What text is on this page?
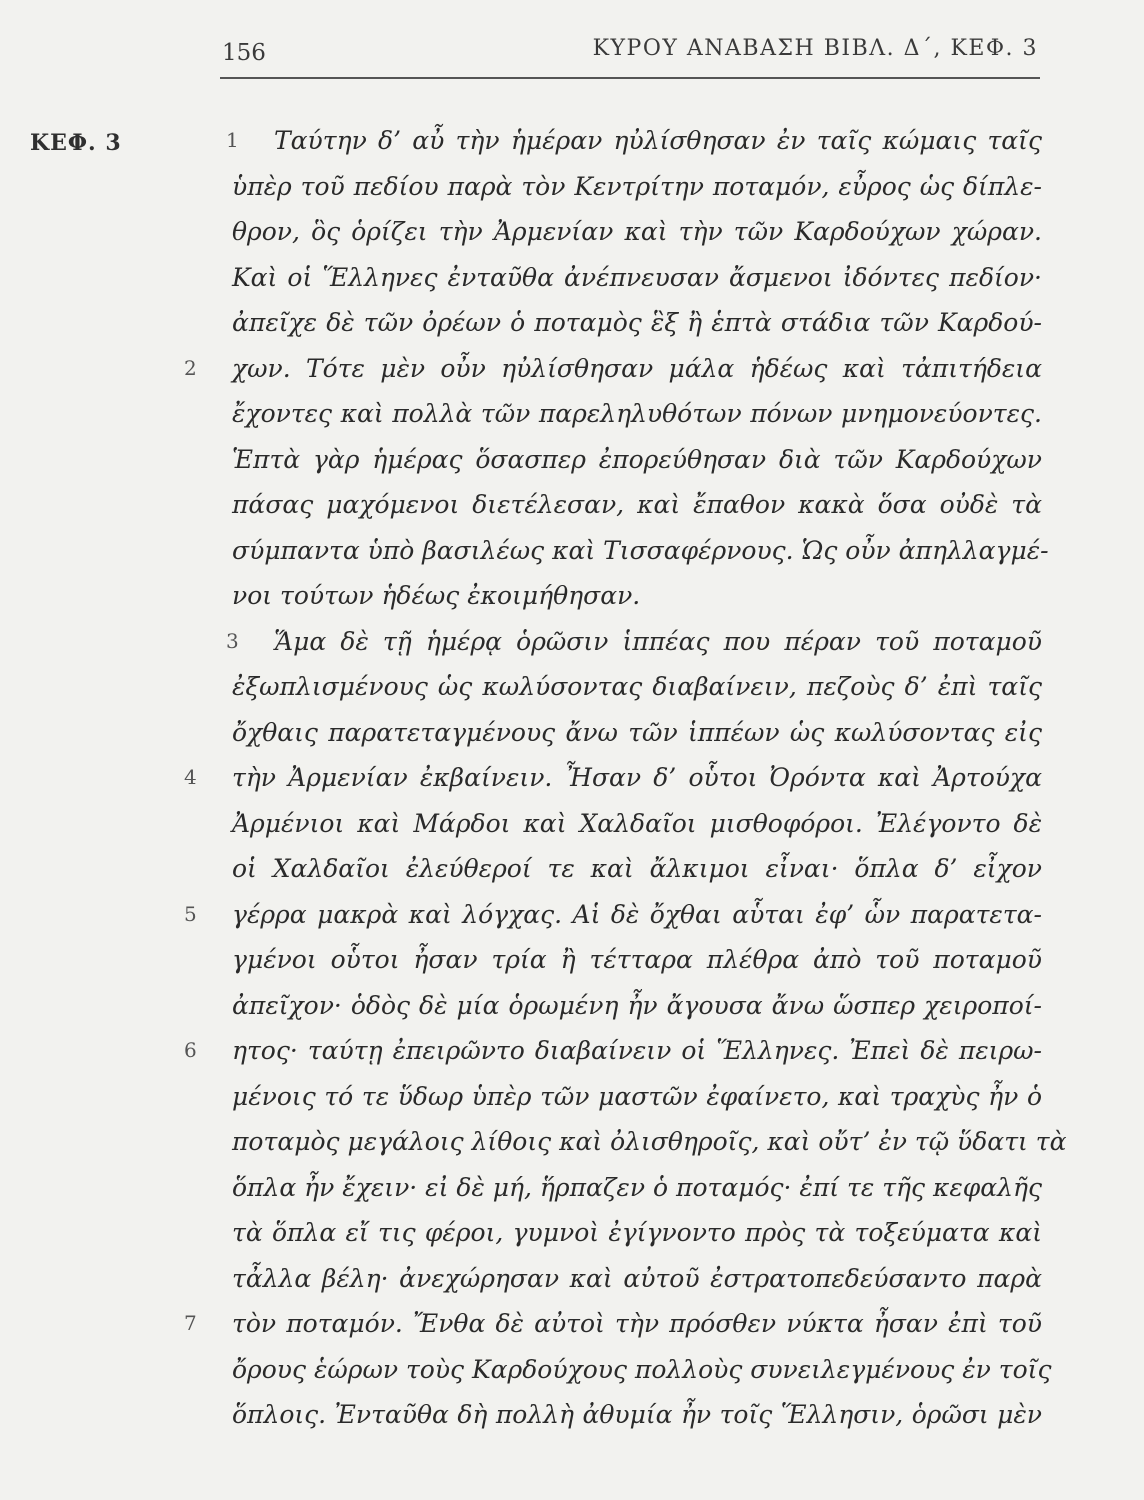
156	ΚΥΡΟΥ ΑΝΑΒΑΣΗ ΒΙΒΛ. Δ΄, ΚΕΦ. 3
ΚΕΦ. 3	1	Ταύτην δ’ αὖ τὴν ἡμέραν ηὐλίσθησαν ἐν ταῖς κώμαις ταῖς
ὑπὲρ τοῦ πεδίου παρὰ τὸν Κεντρίτην ποταμόν, εὖρος ὡς δίπλε-
θρον, ὃς ὁρίζει τὴν Ἀρμενίαν καὶ τὴν τῶν Καρδούχων χώραν.
Καὶ οἱ Ἕλληνες ἐνταῦθα ἀνέπνευσαν ἄσμενοι ἰδόντες πεδίον·
ἀπεῖχε δὲ τῶν ὀρέων ὁ ποταμὸς ἓξ ἢ ἑπτὰ στάδια τῶν Καρδού-
2	χων. Τότε μὲν οὖν ηὐλίσθησαν μάλα ἡδέως καὶ τἀπιτήδεια
ἔχοντες καὶ πολλὰ τῶν παρεληλυθότων πόνων μνημονεύοντες.
Ἑπτὰ γὰρ ἡμέρας ὅσασπερ ἐπορεύθησαν διὰ τῶν Καρδούχων
πάσας μαχόμενοι διετέλεσαν, καὶ ἔπαθον κακὰ ὅσα οὐδὲ τὰ
σύμπαντα ὑπὸ βασιλέως καὶ Τισσαφέρνους. Ὡς οὖν ἀπηλλαγμέ-
νοι τούτων ἡδέως ἐκοιμήθησαν.
3	Ἅμα δὲ τῇ ἡμέρᾳ ὁρῶσιν ἱππέας που πέραν τοῦ ποταμοῦ
ἐξωπλισμένους ὡς κωλύσοντας διαβαίνειν, πεζοὺς δ’ ἐπὶ ταῖς
ὄχθαις παρατεταγμένους ἄνω τῶν ἱππέων ὡς κωλύσοντας εἰς
4	τὴν Ἀρμενίαν ἐκβαίνειν. Ἦσαν δ’ οὗτοι Ὀρόντα καὶ Ἀρτούχα
Ἀρμένιοι καὶ Μάρδοι καὶ Χαλδαῖοι μισθοφόροι. Ἐλέγοντο δὲ
οἱ Χαλδαῖοι ἐλεύθεροί τε καὶ ἄλκιμοι εἶναι· ὅπλα δ’ εἶχον
5	γέρρα μακρὰ καὶ λόγχας. Αἱ δὲ ὄχθαι αὗται ἐφ’ ὧν παρατετα-
γμένοι οὗτοι ἦσαν τρία ἢ τέτταρα πλέθρα ἀπὸ τοῦ ποταμοῦ
ἀπεῖχον· ὁδὸς δὲ μία ὁρωμένη ἦν ἄγουσα ἄνω ὥσπερ χειροποί-
6	ητος· ταύτῃ ἐπειρῶντο διαβαίνειν οἱ Ἕλληνες. Ἐπεὶ δὲ πειρω-
μένοις τό τε ὕδωρ ὑπὲρ τῶν μαστῶν ἐφαίνετο, καὶ τραχὺς ἦν ὁ
ποταμὸς μεγάλοις λίθοις καὶ ὀλισθηροῖς, καὶ οὔτ’ ἐν τῷ ὕδατι τὰ
ὅπλα ἦν ἔχειν· εἰ δὲ μή, ἥρπαζεν ὁ ποταμός· ἐπί τε τῆς κεφαλῆς
τὰ ὅπλα εἴ τις φέροι, γυμνοὶ ἐγίγνοντο πρὸς τὰ τοξεύματα καὶ
τἆλλα βέλη· ἀνεχώρησαν καὶ αὐτοῦ ἐστρατοπεδεύσαντο παρὰ
7	τὸν ποταμόν. Ἔνθα δὲ αὐτοὶ τὴν πρόσθεν νύκτα ἦσαν ἐπὶ τοῦ
ὄρους ἑώρων τοὺς Καρδούχους πολλοὺς συνειλεγμένους ἐν τοῖς
ὅπλοις. Ἐνταῦθα δὴ πολλὴ ἀθυμία ἦν τοῖς Ἕλλησιν, ὁρῶσι μὲν
